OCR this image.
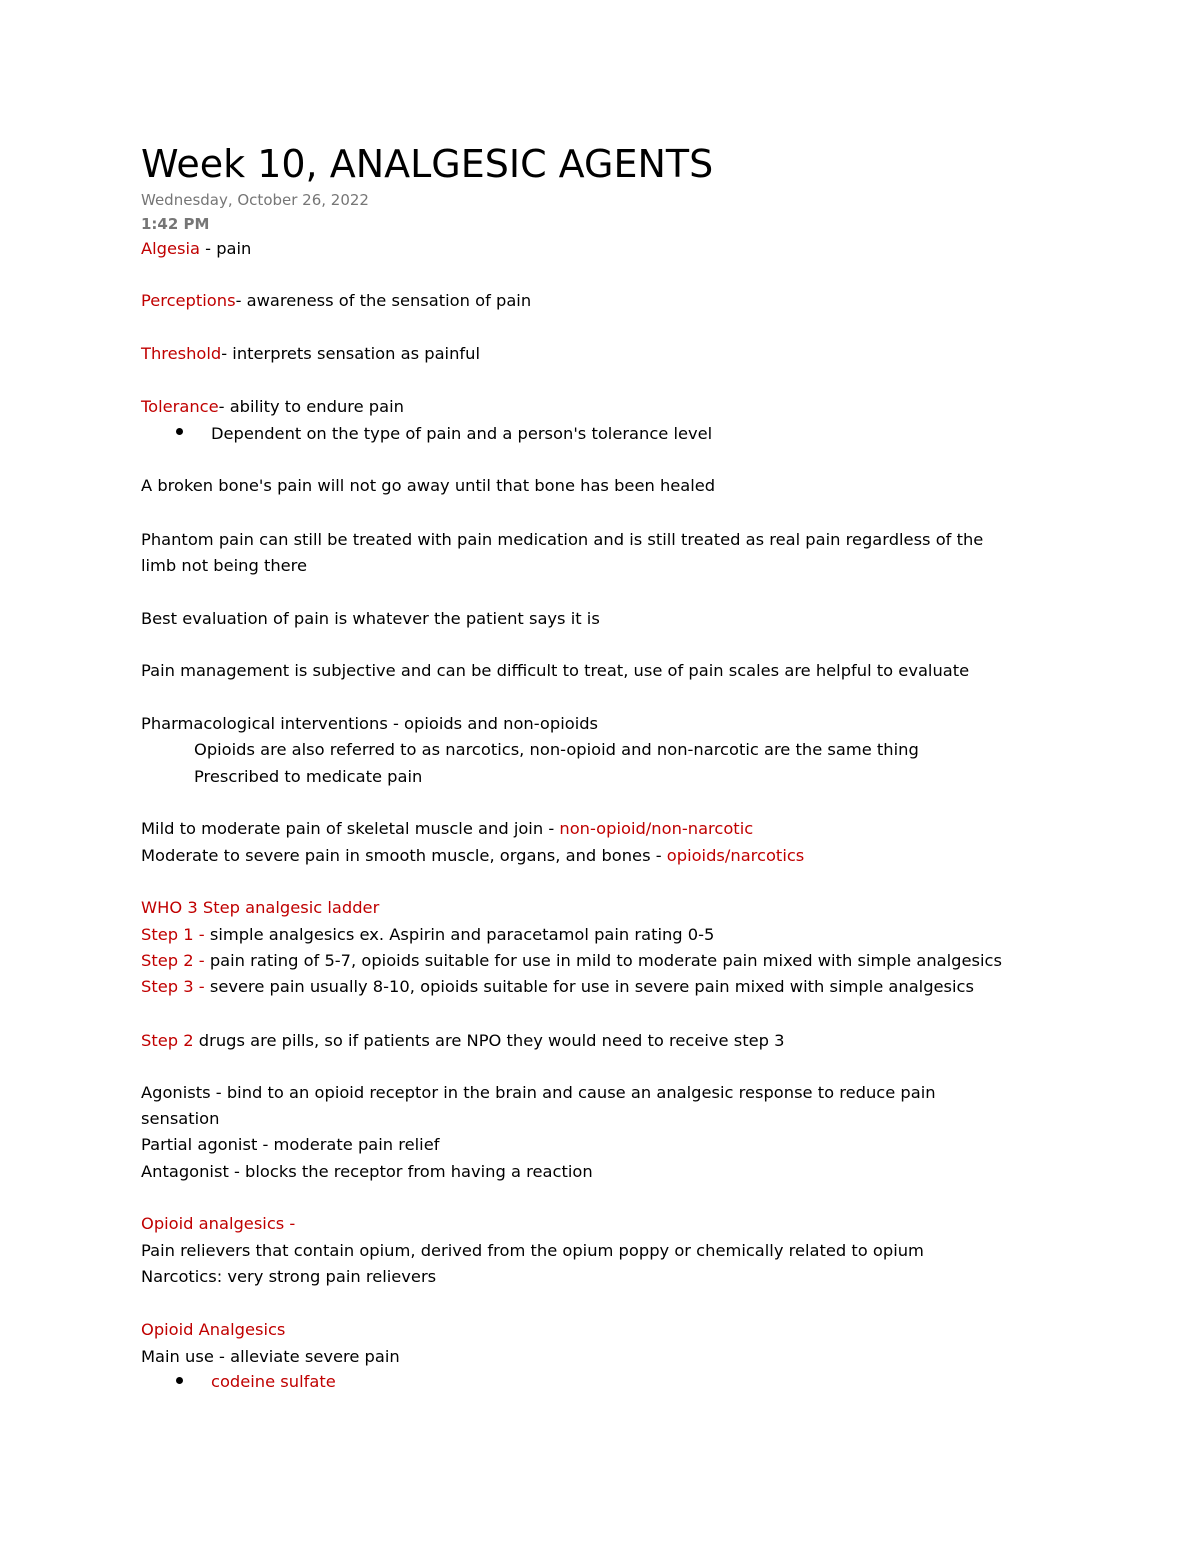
Week 10, ANALGESIC AGENTS
Wednesday, October 26, 2022
1:42 PM
Algesia - pain
Perceptions- awareness of the sensation of pain
Threshold- interprets sensation as painful
Tolerance- ability to endure pain
Dependent on the type of pain and a person's tolerance level
A broken bone's pain will not go away until that bone has been healed
Phantom pain can still be treated with pain medication and is still treated as real pain regardless of the
limb not being there
Best evaluation of pain is whatever the patient says it is
Pain management is subjective and can be difficult to treat, use of pain scales are helpful to evaluate
Pharmacological interventions - opioids and non-opioids
Opioids are also referred to as narcotics, non-opioid and non-narcotic are the same thing
Prescribed to medicate pain
Mild to moderate pain of skeletal muscle and join - non-opioid/non-narcotic
Moderate to severe pain in smooth muscle, organs, and bones - opioids/narcotics
WHO 3 Step analgesic ladder
Step 1 - simple analgesics ex. Aspirin and paracetamol pain rating 0-5
Step 2 - pain rating of 5-7, opioids suitable for use in mild to moderate pain mixed with simple analgesics
Step 3 - severe pain usually 8-10, opioids suitable for use in severe pain mixed with simple analgesics
Step 2 drugs are pills, so if patients are NPO they would need to receive step 3
Agonists - bind to an opioid receptor in the brain and cause an analgesic response to reduce pain
sensation
Partial agonist - moderate pain relief
Antagonist - blocks the receptor from having a reaction
Opioid analgesics -
Pain relievers that contain opium, derived from the opium poppy or chemically related to opium
Narcotics: very strong pain relievers
Opioid Analgesics
Main use - alleviate severe pain
codeine sulfate
